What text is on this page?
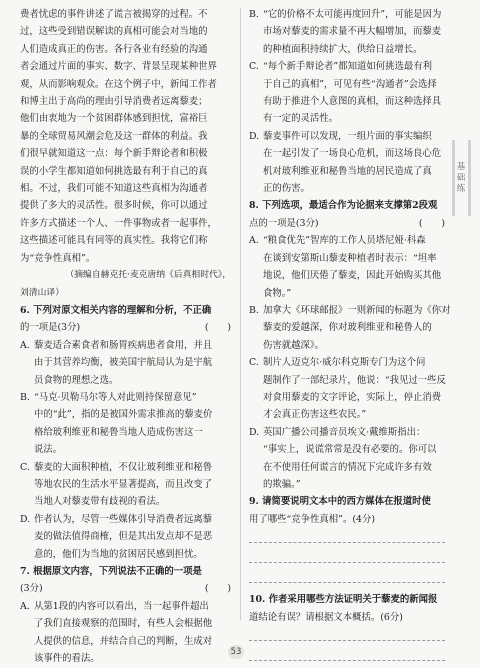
费者忧虑的事件讲述了谎言被揭穿的过程。不
过，这些受到错误解读的真相可能会对当地的
人们造成真正的伤害。各行各业有经验的沟通
者会通过片面的事实、数字、背景呈现某种世界
观，从而影响观众。在这个例子中，新闻工作者
和博主出于高尚的理由引导消费者远离藜麦；
他们由衷地为一个贫困群体感到担忧，富裕巨
暴的全球贸易风潮会危及这一群体的利益。我
们很早就知道这一点：每个新手辩论者和积极
误的小学生都知道如何挑选最有利于自己的真
相。不过，我们可能不知道这些真相为沟通者
提供了多大的灵活性。很多时候，你可以通过
许多方式描述一个人、一件事物或者一起事件，
这些描述可能具有同等的真实性。我将它们称
为“竞争性真相”。
（摘编自赫克托·麦克唐纳《后真相时代》，
刘清山译）
6. 下列对原文相关内容的理解和分析，不正确
的一项是(3分)	(　　)
A. 藜麦适合素食者和肠胃疾病患者食用，并且
由于其营养均衡，被美国宇航局认为是宇航
员食物的理想之选。
B. “马克·贝勒马尔等人对此则持保留意见”
中的“此”，指的是被国外需求推高的藜麦价
格给玻利维亚和秘鲁当地人造成伤害这一
说法。
C. 藜麦的大面积种植，不仅让玻利维亚和秘鲁
等地农民的生活水平显著提高，而且改变了
当地人对藜麦带有歧视的看法。
D. 作者认为，尽管一些媒体引导消费者远离藜
麦的做法值得商榷，但是其出发点却不是恶
意的，他们为当地的贫困居民感到担忧。
7. 根据原文内容，下列说法不正确的一项是
(3分)	(　　)
A. 从第1段的内容可以看出，当一起事件超出
了我们直接观察的范围时，有些人会根据他
人提供的信息，并结合自己的判断，生成对
该事件的看法。
B. “它的价格不太可能再度回升”，可能是因为
市场对藜麦的需求量不再大幅增加，而藜麦
的种植面积持续扩大，供给日益增长。
C. “每个新手辩论者”都知道如何挑选最有利
于自己的真相”，可见有些“沟通者”会选择
有助于推进个人意图的真相，而这种选择具
有一定的灵活性。
D. 藜麦事件可以发现，一组片面的事实编织
在一起引发了一场良心危机，而这场良心危
机对玻利维亚和秘鲁当地的居民造成了真
正的伤害。
8. 下列选项，最适合作为论据来支撑第2段观
点的一项是(3分)	(　　)
A. “粮食优先”智库的工作人员塔尼娅·科森
在谈到安第斯山藜麦种植者时表示：“坦率
地说，他们厌倦了藜麦，因此开始购买其他
食物。”
B. 加拿大《环球邮报》一则新闻的标题为《你对
藜麦的爱越深，你对玻利维亚和秘鲁人的
伤害就越深》。
C. 制片人迈克尔·威尔科克斯专门为这个问
题制作了一部纪录片，他说：“我见过一些反
对食用藜麦的文字评论，实际上，停止消费
才会真正伤害这些农民。”
D. 英国广播公司播音员埃文·戴维斯指出：
“事实上，说谎常常是没有必要的。你可以
在不使用任何谎言的情况下完成许多有效
的欺骗。”
9. 请简要说明文本中的西方媒体在报道时使
用了哪些“竞争性真相”。(4分)
10. 作者采用哪些方法证明关于藜麦的新闻报
道结论有误？请根据文本概括。(6分)
基础练
53
